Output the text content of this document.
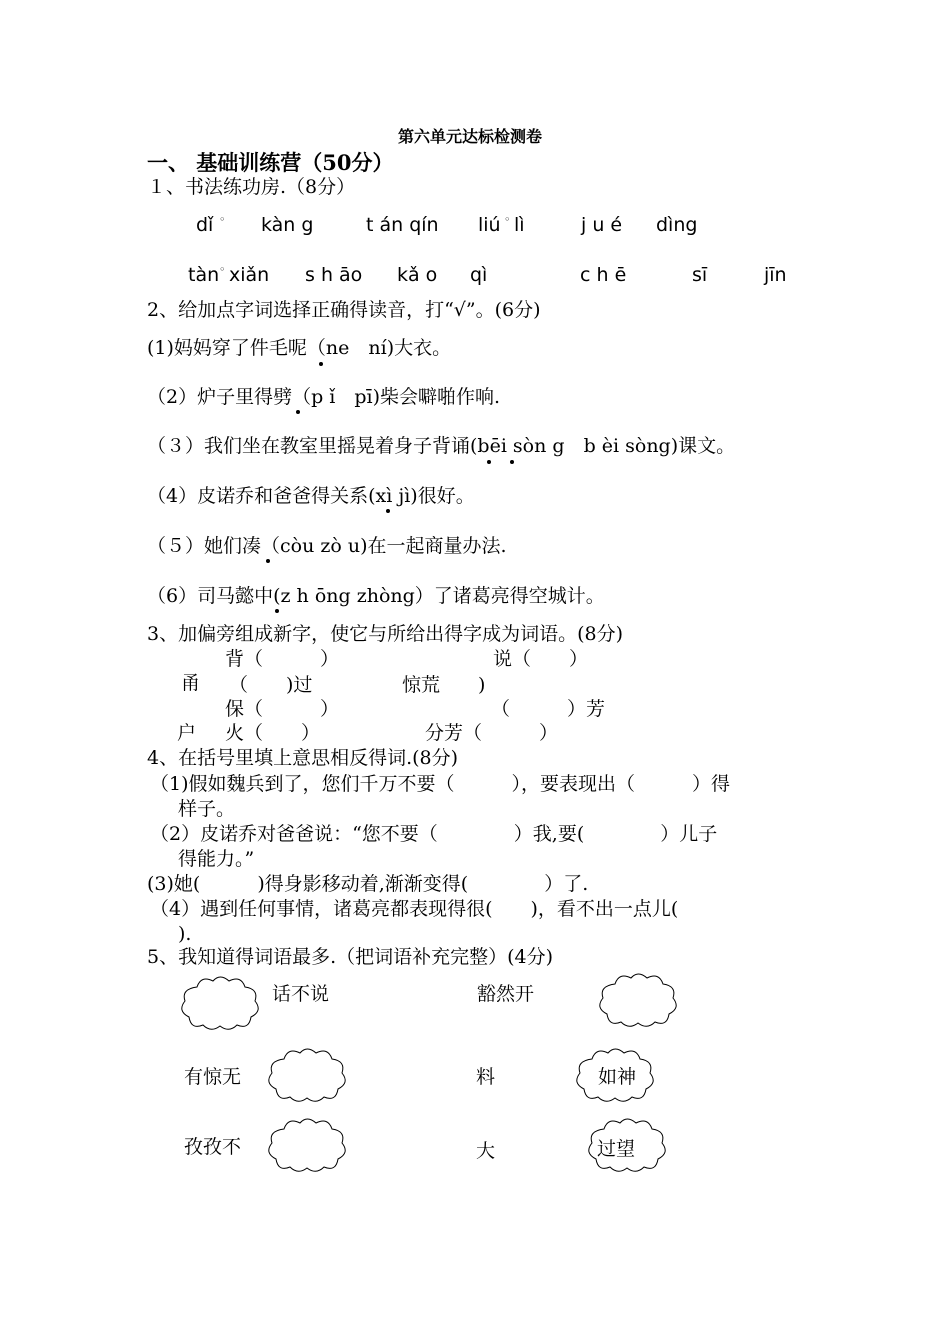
第六单元达标检测卷
一、 基础训练营（50分）
１、书法练功房.（8分）
dǐ ◦ kàn g	t án qín liú ◦ lì	j u é dìng
tàn ◦ xiǎn s h āo kǎ o qì	c h ē	sī	jīn
2、给加点字词选择正确得读音，打“√”。(6分)
(1)妈妈穿了件毛呢（ne　ní)大衣。
（2）炉子里得劈（p ǐ　pī)柴会噼啪作响.
（３）我们坐在教室里摇晃着身子背诵(bēi sòn g　b èi sòng)课文。
（4）皮诺乔和爸爸得关系(xì jì)很好。
（５）她们凑（còu zò u)在一起商量办法.
（6）司马懿中(z h ōng zhòng）了诸葛亮得空城计。
3、加偏旁组成新字，使它与所给出得字成为词语。(8分)
背（　　　）	说（　　）
甬 （　　)过	惊荒　　)
保（　　　）	（　　　）芳
户 火（　　）	分芳（　　　）
4、在括号里填上意思相反得词.(8分)
（1)假如魏兵到了，您们千万不要（　　　），要表现出（　　　）得
样子。
（2）皮诺乔对爸爸说：“您不要（　　　　）我,要(　　　　）儿子
得能力。”
(3)她(　　　)得身影移动着,渐渐变得(　　　　）了.
（4）遇到任何事情，诸葛亮都表现得很(　　)，看不出一点儿(
).
5、我知道得词语最多.（把词语补充完整）(4分)
话不说	豁然开
有惊无	料	如神
孜孜不	大	过望
